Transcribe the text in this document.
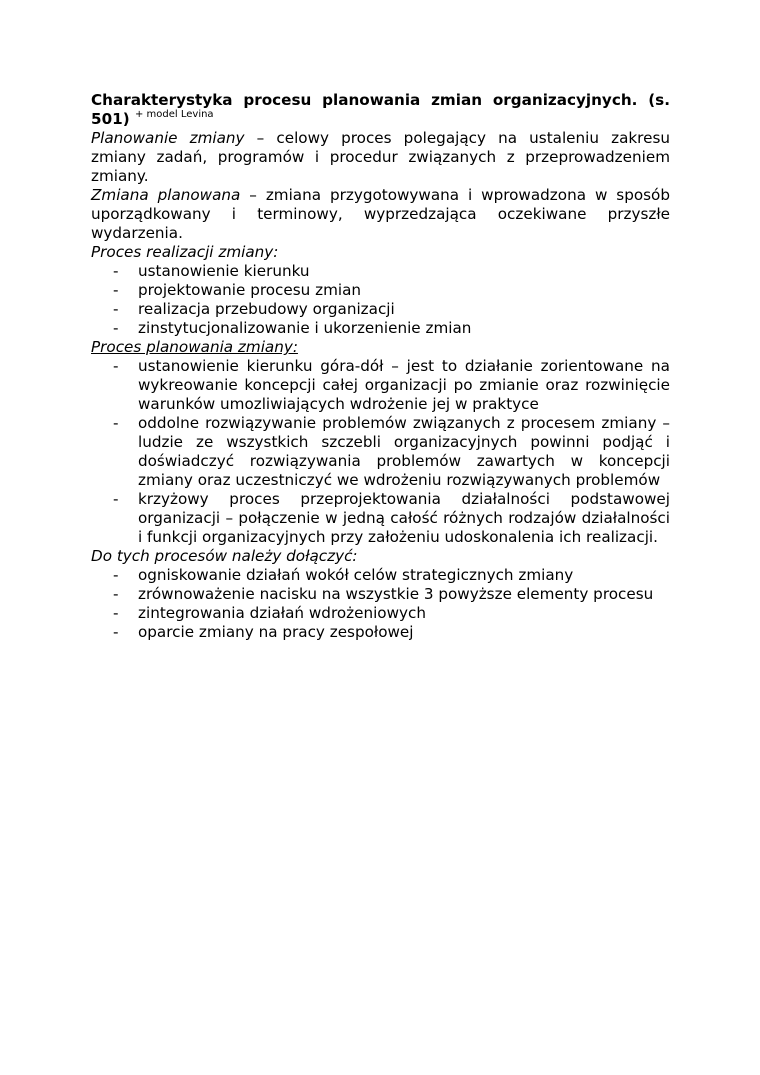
Charakterystyka procesu planowania zmian organizacyjnych. (s. 501) $^{+ model Levina}$

Planowanie zmiany – celowy proces polegający na ustaleniu zakresu zmiany zadań, programów i procedur związanych z przeprowadzeniem zmiany.

Zmiana planowana – zmiana przygotowywana i wprowadzona w sposób uporządkowany i terminowy, wyprzedzająca oczekiwane przyszłe wydarzenia.

Proces realizacji zmiany:

- ustanowienie kierunku
- projektowanie procesu zmian
- realizacja przebudowy organizacji
- zinstytucjonalizowanie i ukorzenienie zmian

Proces planowania zmiany:

- ustanowienie kierunku góra-dół – jest to działanie zorientowane na wykreowanie koncepcji całej organizacji po zmianie oraz rozwinięcie warunków umozliwiających wdrożenie jej w praktyce
- oddolne rozwiązywanie problemów związanych z procesem zmiany – ludzie ze wszystkich szczebli organizacyjnych powinni podjąć i doświadczyć rozwiązywania problemów zawartych w koncepcji zmiany oraz uczestniczyć we wdrożeniu rozwiązywanych problemów
- krzyżowy proces przeprojektowania działalności podstawowej organizacji – połączenie w jedną całość różnych rodzajów działalności i funkcji organizacyjnych przy założeniu udoskonalenia ich realizacji.

Do tych procesów należy dołączyć:

- ogniskowanie działań wokół celów strategicznych zmiany
- zrównoważenie nacisku na wszystkie 3 powyższe elementy procesu
- zintegrowania działań wdrożeniowych
- oparcie zmiany na pracy zespołowej
